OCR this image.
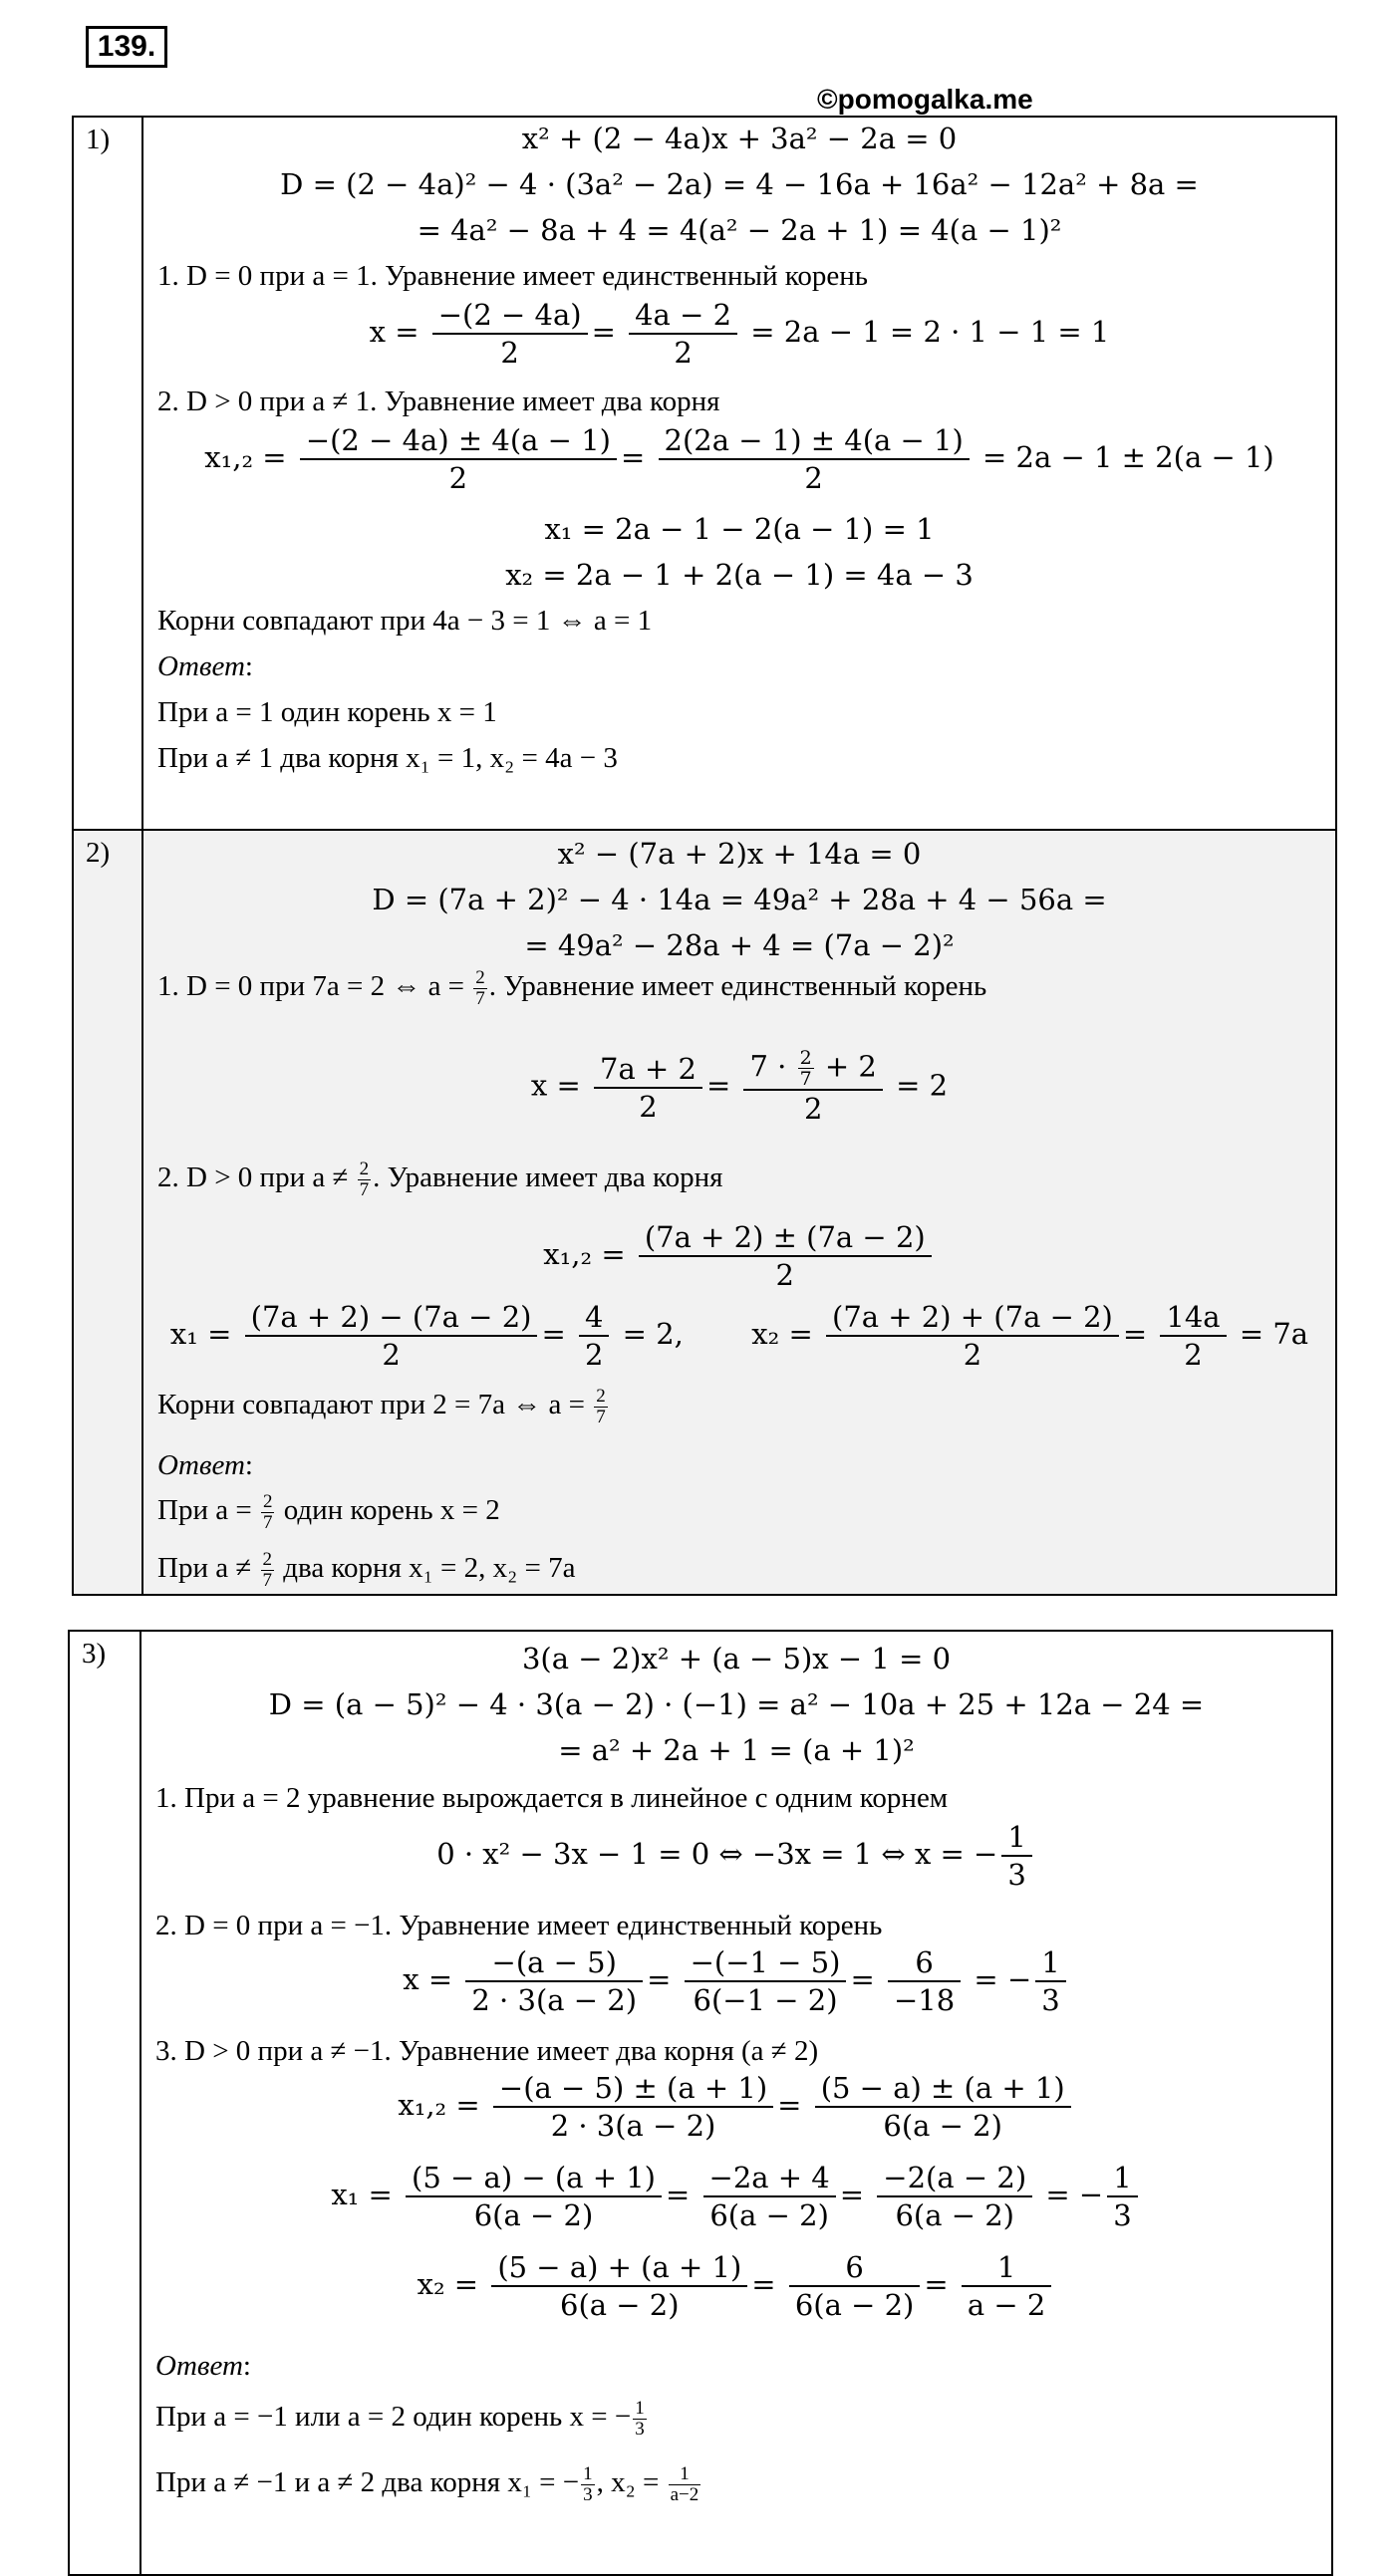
139.
©pomogalka.me
1)	x² + (2 − 4a)x + 3a² − 2a = 0
D = (2 − 4a)² − 4 · (3a² − 2a) = 4 − 16a + 16a² − 12a² + 8a =
= 4a² − 8a + 4 = 4(a² − 2a + 1) = 4(a − 1)²
1. D = 0 при a = 1. Уравнение имеет единственный корень
$x = \frac{-(2 - 4a)}{2} = \frac{4a - 2}{2} = 2a - 1 = 2 \cdot 1 - 1 = 1$
2. D > 0 при a ≠ 1. Уравнение имеет два корня
$x_1,_2 = \frac{-(2 - 4a) \pm 4(a - 1)}{2} = \frac{2(2a - 1) \pm 4(a - 1)}{2} = 2a - 1 \pm 2(a - 1)$
x₁ = 2a − 1 − 2(a − 1) = 1
x₂ = 2a − 1 + 2(a − 1) = 4a − 3
Корни совпадают при 4a − 3 = 1 ⇔ a = 1
Ответ:
При a = 1 один корень x = 1
При a ≠ 1 два корня x₁ = 1, x₂ = 4a − 3
2)	x² − (7a + 2)x + 14a = 0
D = (7a + 2)² − 4 · 14a = 49a² + 28a + 4 − 56a =
= 49a² − 28a + 4 = (7a − 2)²
1. D = 0 при 7a = 2 ⇔ $a = \frac{2}{7}$ . Уравнение имеет единственный корень
$x = \frac{7a + 2}{2} = \frac{7 \cdot \frac{2}{7} + 2}{2} = 2$
2. D > 0 при $a \ne \frac{2}{7}$ . Уравнение имеет два корня
$x_1,_2 = \frac{(7a + 2) \pm (7a - 2)}{2}$
$x_1 = \frac{(7a + 2) - (7a - 2)}{2} = \frac{4}{2} = 2$, $x_2 = \frac{(7a + 2) + (7a - 2)}{2} = \frac{14a}{2} = 7a$
Корни совпадают при 2 = 7a ⇔ $a = \frac{2}{7}$
Ответ:
При $a = \frac{2}{7}$ один корень x = 2
При $a \ne \frac{2}{7}$ два корня x₁ = 2, x₂ = 7a
3)	3(a − 2)x² + (a − 5)x − 1 = 0
D = (a − 5)² − 4 · 3(a − 2) · (−1) = a² − 10a + 25 + 12a − 24 =
= a² + 2a + 1 = (a + 1)²
1. При a = 2 уравнение вырождается в линейное с одним корнем
0 · x² − 3x − 1 = 0 ⇔ −3x = 1 ⇔ x = − $\frac{1}{3}$
2. D = 0 при a = −1. Уравнение имеет единственный корень
$x = \frac{-(a - 5)}{2 \cdot 3(a - 2)} = \frac{-(-1 - 5)}{6(-1 - 2)} = \frac{6}{-18}$ = − $\frac{1}{3}$
3. D > 0 при a ≠ −1. Уравнение имеет два корня (a ≠ 2)
$x_1,_2 = \frac{-(a - 5) \pm (a + 1)}{2 \cdot 3(a - 2)} = \frac{(5 - a) \pm (a + 1)}{6(a - 2)}$
$x_1 = \frac{(5 - a) - (a + 1)}{6(a - 2)} = \frac{-2a + 4}{6(a - 2)} = \frac{-2(a - 2)}{6(a - 2)}$ = − $\frac{1}{3}$
$x_2 = \frac{(5 - a) + (a + 1)}{6(a - 2)} = \frac{6}{6(a - 2)} = \frac{1}{a - 2}$
Ответ:
При a = −1 или a = 2 один корень x = − $\frac{1}{3}$
При a ≠ −1 и a ≠ 2 два корня x₁ = − $\frac{1}{3}$ , $x_2 = \frac{1}{a-2}$
